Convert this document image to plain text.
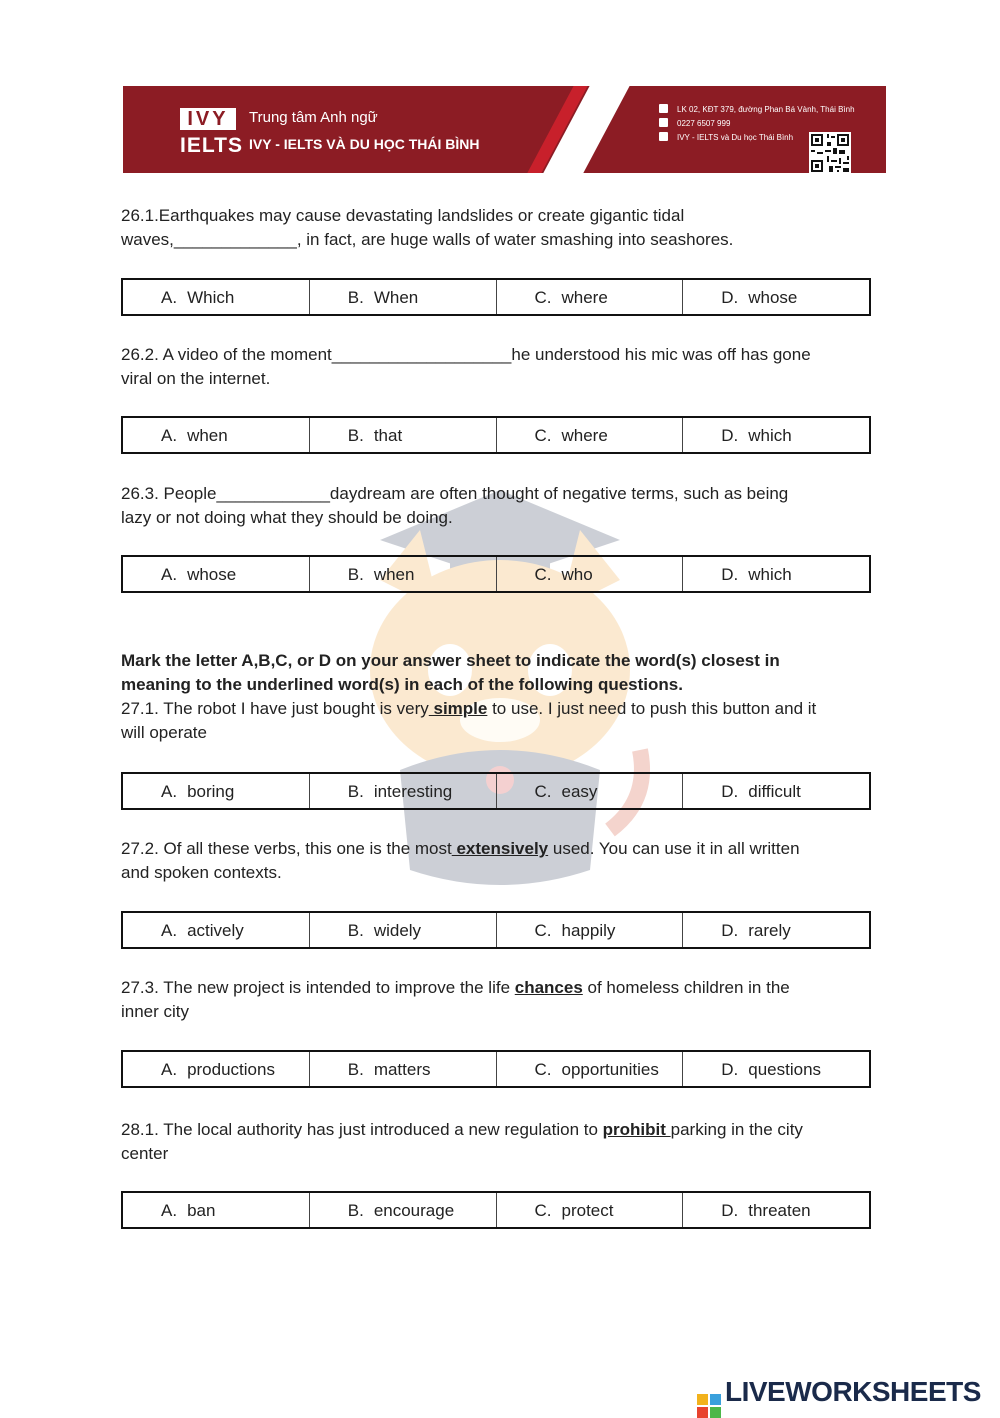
IVY
IELTS
Trung tâm Anh ngữ
IVY - IELTS VÀ DU HỌC THÁI BÌNH
LK 02, KĐT 379, đường Phan Bá Vành, Thái Bình
0227 6507 999
IVY - IELTS và Du học Thái Bình
26.1.Earthquakes may cause devastating landslides or create gigantic tidal
waves,_____________, in fact, are huge walls of water smashing into seashores.
A. Which	B. When	C. where	D. whose
26.2. A video of the moment___________________he understood his mic was off has gone
viral on the internet.
A. when	B. that	C. where	D. which
26.3. People____________daydream are often thought of negative terms, such as being
lazy or not doing what they should be doing.
A. whose	B. when	C. who	D. which
Mark the letter A,B,C, or D on your answer sheet to indicate the word(s) closest in
meaning to the underlined word(s) in each of the following questions.
27.1. The robot I have just bought is very simple to use. I just need to push this button and it
will operate
A. boring	B. interesting	C. easy	D. difficult
27.2. Of all these verbs, this one is the most extensively used. You can use it in all written
and spoken contexts.
A. actively	B. widely	C. happily	D. rarely
27.3. The new project is intended to improve the life chances of homeless children in the
inner city
A. productions	B. matters	C. opportunities	D. questions
28.1. The local authority has just introduced a new regulation to prohibit parking in the city
center
A. ban	B. encourage	C. protect	D. threaten
LIVEWORKSHEETS
